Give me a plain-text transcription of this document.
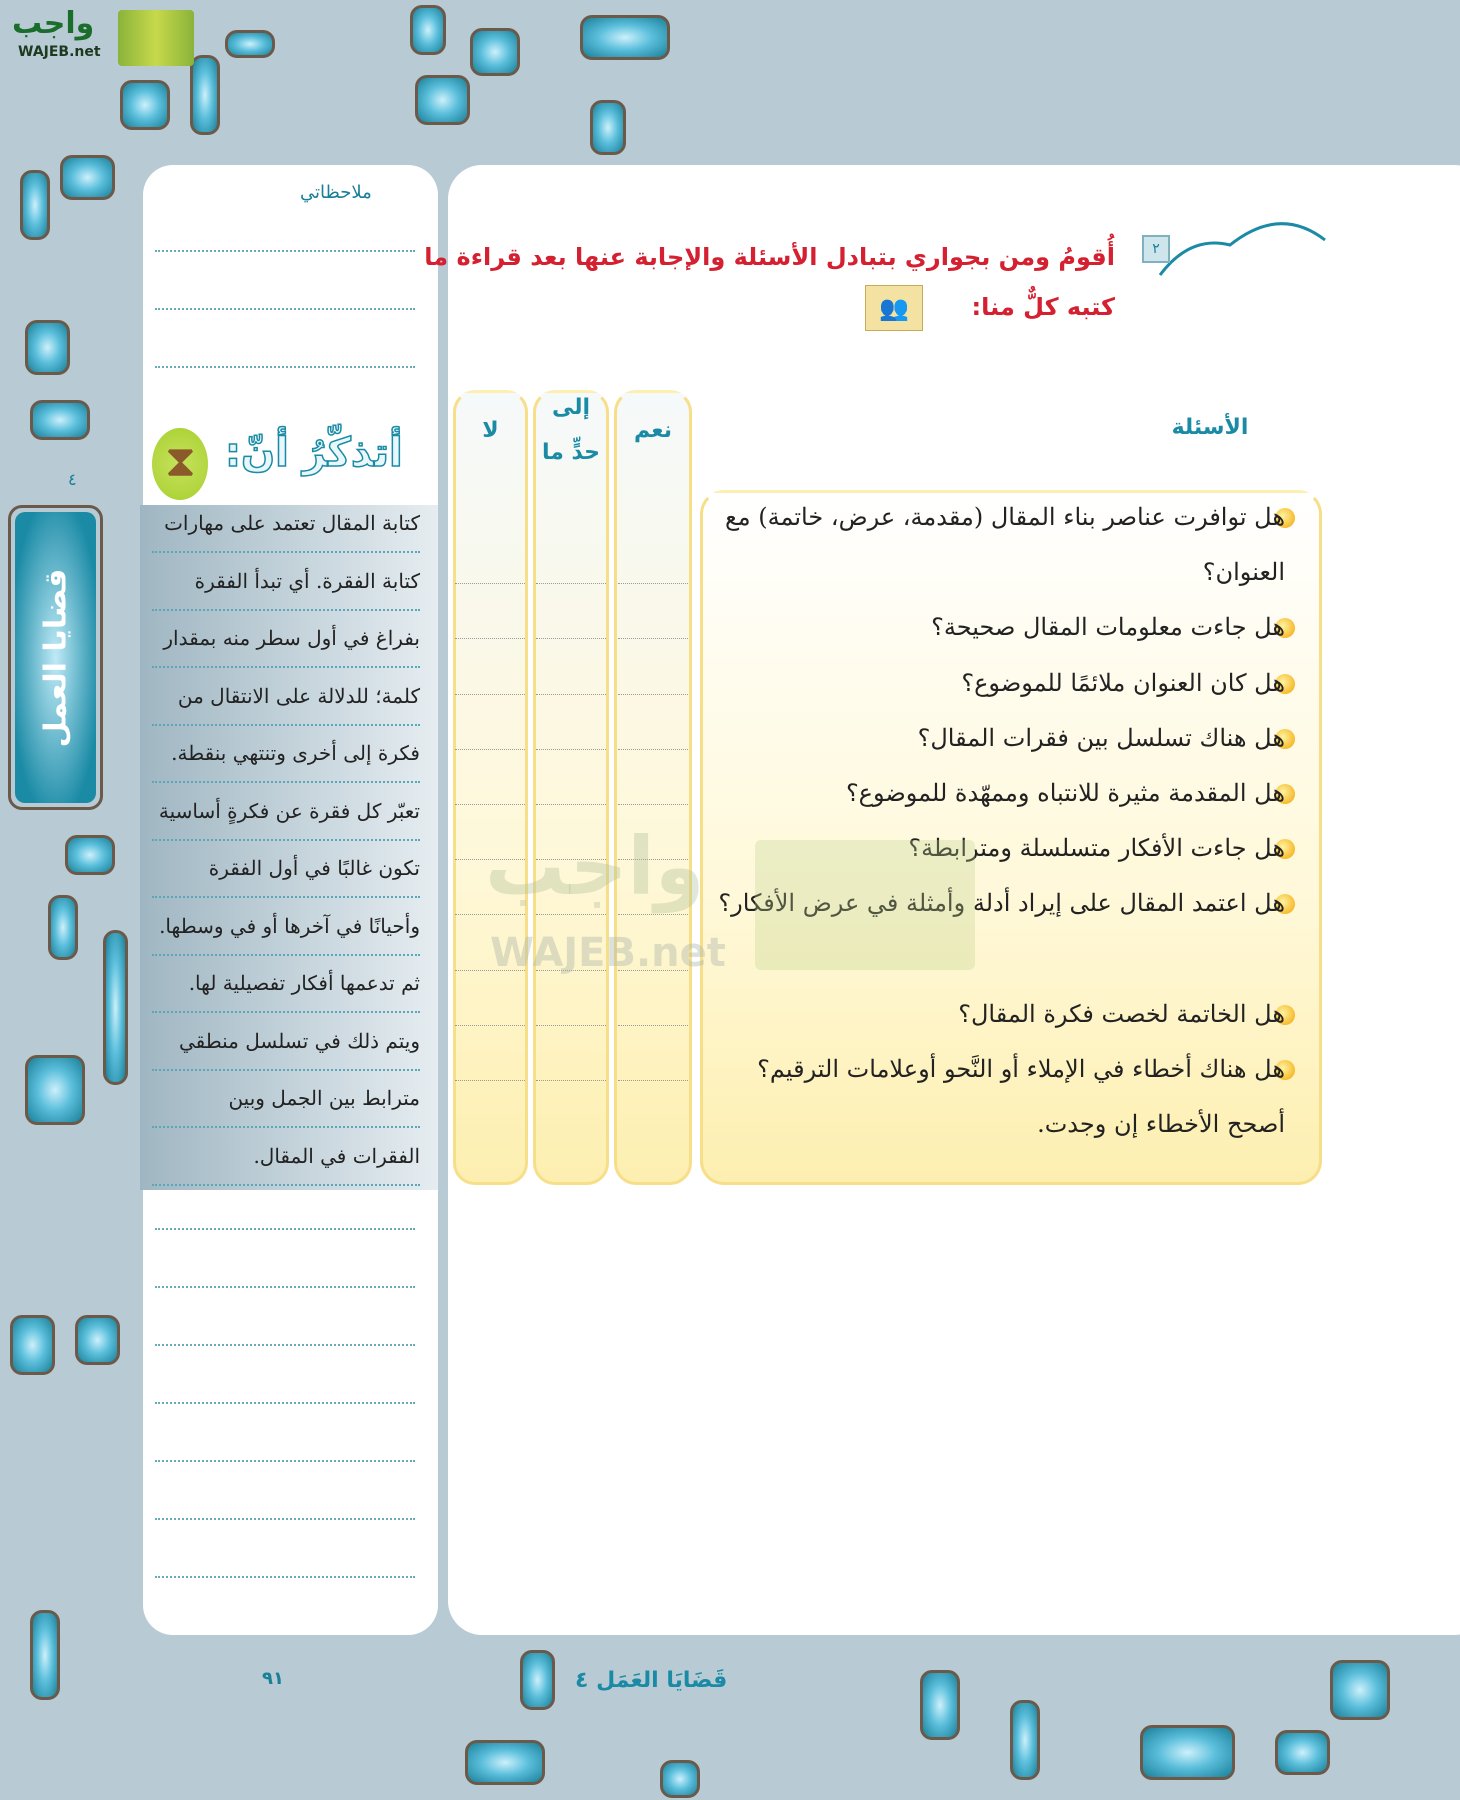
واجب
WAJEB.net
٤
قضايا العمل
ملاحظاتي
⧗ أتذكّرُ أنّ:
كتابة المقال تعتمد على مهارات
كتابة الفقرة. أي تبدأ الفقرة
بفراغ في أول سطر منه بمقدار
كلمة؛ للدلالة على الانتقال من
فكرة إلى أخرى وتنتهي بنقطة.
تعبّر كل فقرة عن فكرةٍ أساسية
تكون غالبًا في أول الفقرة
وأحيانًا في آخرها أو في وسطها.
ثم تدعمها أفكار تفصيلية لها.
ويتم ذلك في تسلسل منطقي
مترابط بين الجمل وبين
الفقرات في المقال.
٢
أُقومُ ومن بجواري بتبادل الأسئلة والإجابة عنها بعد قراءة ما كتبه كلٌّ منا:
👥
الأسئلة
نعم
إلى
حدٍّ ما
لا
هل توافرت عناصر بناء المقال (مقدمة، عرض، خاتمة) مع العنوان؟
هل جاءت معلومات المقال صحيحة؟
هل كان العنوان ملائمًا للموضوع؟
هل هناك تسلسل بين فقرات المقال؟
هل المقدمة مثيرة للانتباه وممهّدة للموضوع؟
هل جاءت الأفكار متسلسلة ومترابطة؟
هل اعتمد المقال على إيراد أدلة وأمثلة في عرض الأفكار؟
هل الخاتمة لخصت فكرة المقال؟
هل هناك أخطاء في الإملاء أو النَّحو أوعلامات الترقيم؟ أصحح الأخطاء إن وجدت.
واجب
WAJEB.net
قَضَايَا العَمَل ٤
٩١
